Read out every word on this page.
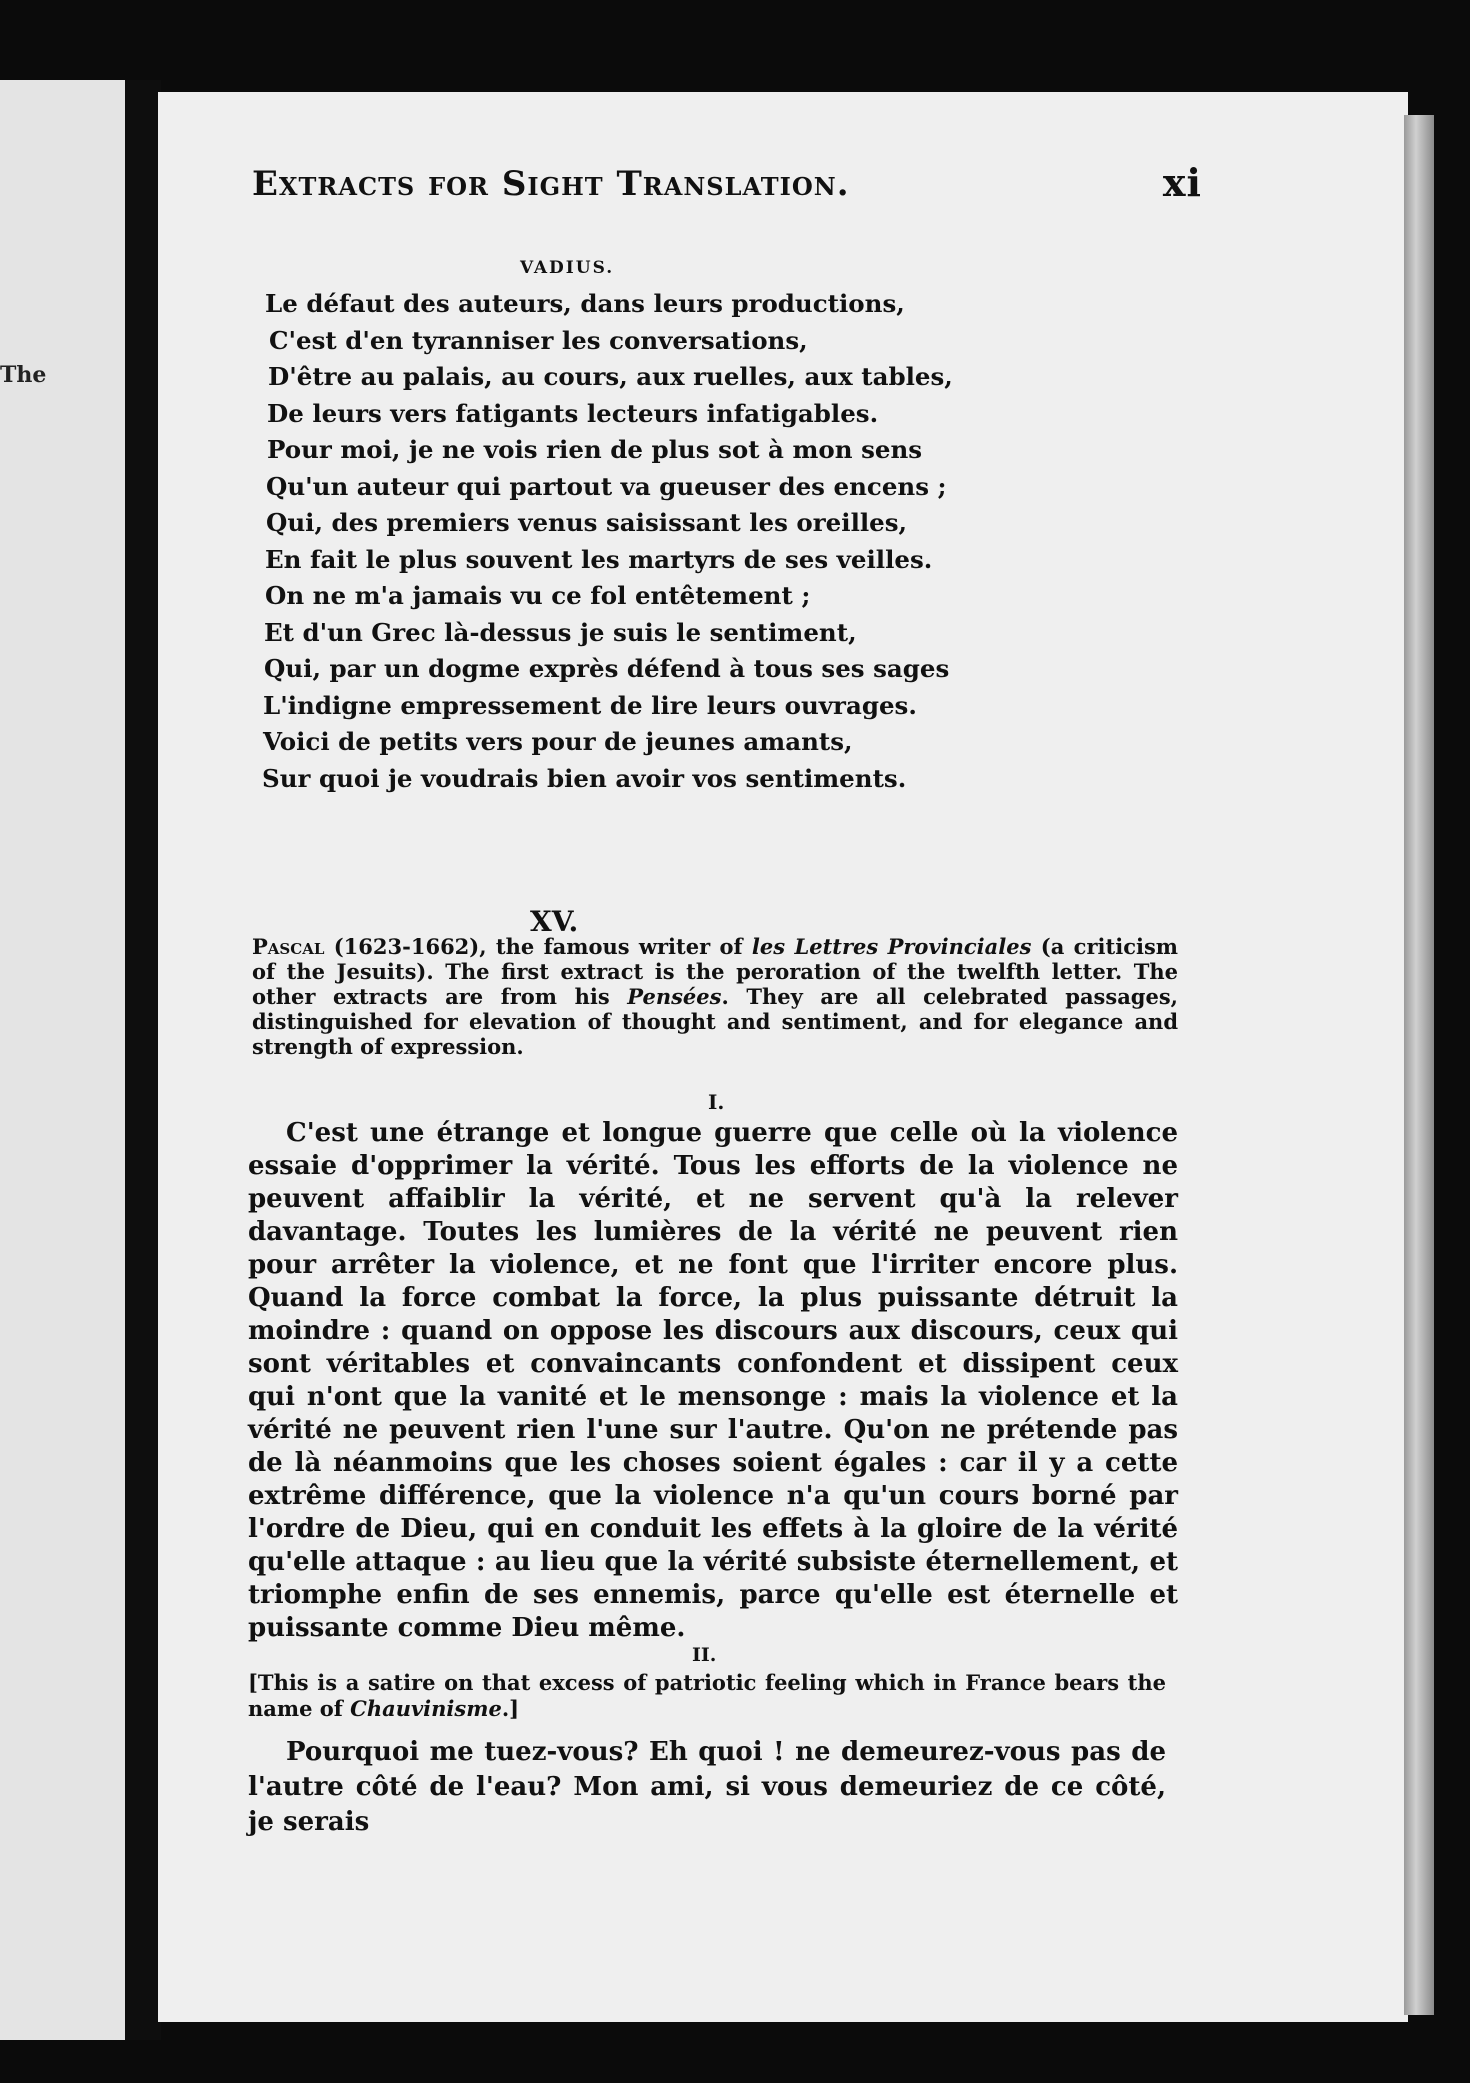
The
Extracts for Sight Translation.	xi
VADIUS.
Le défaut des auteurs, dans leurs productions,
C'est d'en tyranniser les conversations,
D'être au palais, au cours, aux ruelles, aux tables,
De leurs vers fatigants lecteurs infatigables.
Pour moi, je ne vois rien de plus sot à mon sens
Qu'un auteur qui partout va gueuser des encens ;
Qui, des premiers venus saisissant les oreilles,
En fait le plus souvent les martyrs de ses veilles.
On ne m'a jamais vu ce fol entêtement ;
Et d'un Grec là-dessus je suis le sentiment,
Qui, par un dogme exprès défend à tous ses sages
L'indigne empressement de lire leurs ouvrages.
Voici de petits vers pour de jeunes amants,
Sur quoi je voudrais bien avoir vos sentiments.
XV.
Pascal (1623-1662), the famous writer of les Lettres Provinciales (a criticism of the Jesuits). The first extract is the peroration of the twelfth letter. The other extracts are from his Pensées. They are all celebrated passages, distinguished for elevation of thought and sentiment, and for elegance and strength of expression.
I.
C'est une étrange et longue guerre que celle où la violence essaie d'opprimer la vérité. Tous les efforts de la violence ne peuvent affaiblir la vérité, et ne servent qu'à la relever davantage. Toutes les lumières de la vérité ne peuvent rien pour arrêter la violence, et ne font que l'irriter encore plus. Quand la force combat la force, la plus puissante détruit la moindre : quand on oppose les discours aux discours, ceux qui sont véritables et convaincants confondent et dissipent ceux qui n'ont que la vanité et le mensonge : mais la violence et la vérité ne peuvent rien l'une sur l'autre. Qu'on ne prétende pas de là néanmoins que les choses soient égales : car il y a cette extrême différence, que la violence n'a qu'un cours borné par l'ordre de Dieu, qui en conduit les effets à la gloire de la vérité qu'elle attaque : au lieu que la vérité subsiste éternellement, et triomphe enfin de ses ennemis, parce qu'elle est éternelle et puissante comme Dieu même.
II.
[This is a satire on that excess of patriotic feeling which in France bears the name of Chauvinisme.]
Pourquoi me tuez-vous? Eh quoi ! ne demeurez-vous pas de l'autre côté de l'eau? Mon ami, si vous demeuriez de ce côté, je serais
